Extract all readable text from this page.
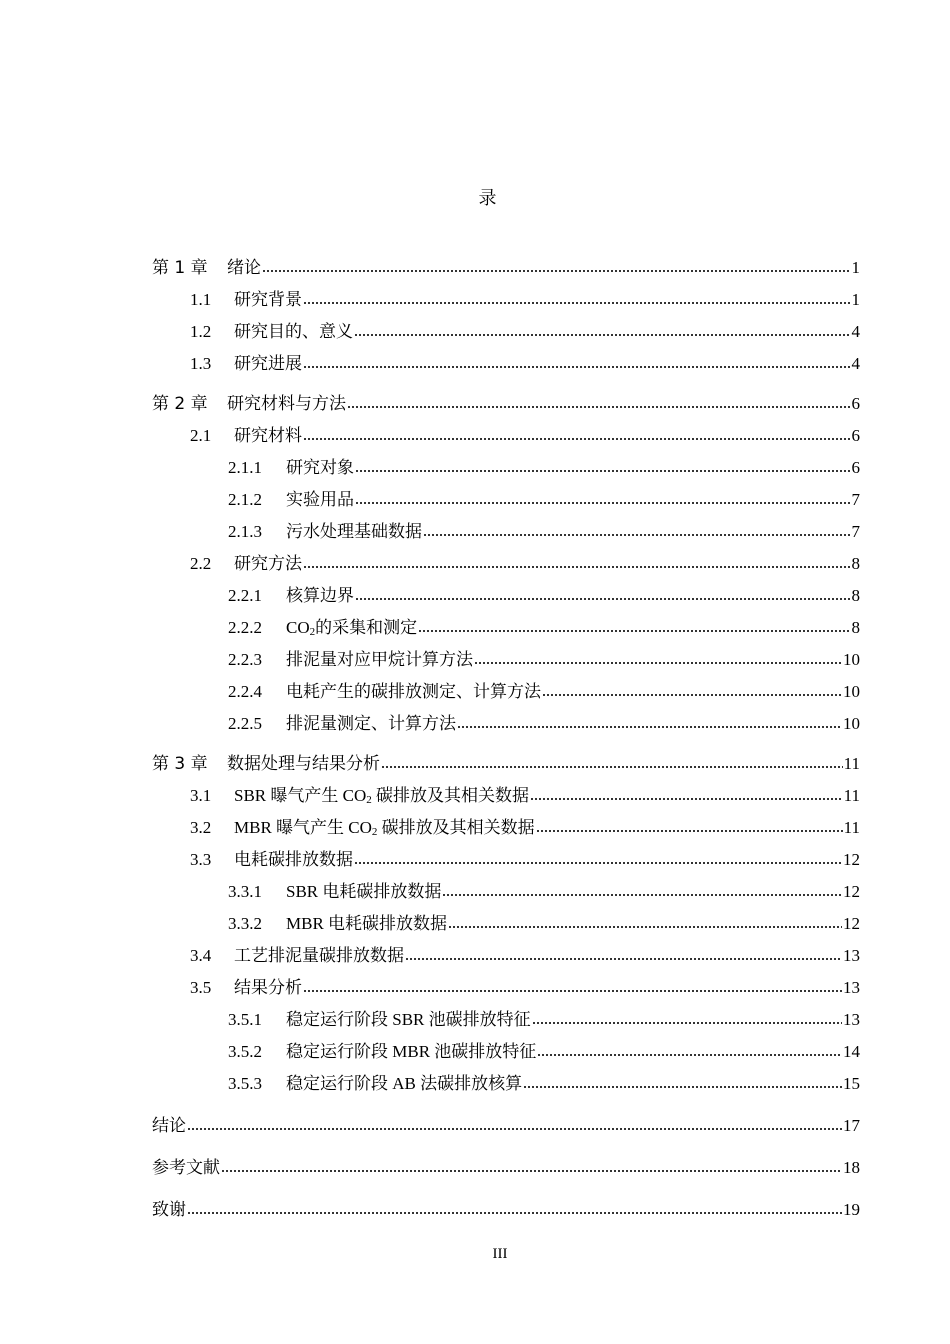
录
第 1 章	绪论	1
1.1	研究背景	1
1.2	研究目的、意义	4
1.3	研究进展	4
第 2 章	研究材料与方法	6
2.1	研究材料	6
2.1.1	研究对象	6
2.1.2	实验用品	7
2.1.3	污水处理基础数据	7
2.2	研究方法	8
2.2.1	核算边界	8
2.2.2	$CO_2$的采集和测定	8
2.2.3	排泥量对应甲烷计算方法	10
2.2.4	电耗产生的碳排放测定、计算方法	10
2.2.5	排泥量测定、计算方法	10
第 3 章	数据处理与结果分析	11
3.1	SBR 曝气产生 $CO_2$ 碳排放及其相关数据	11
3.2	MBR 曝气产生 $CO_2$ 碳排放及其相关数据	11
3.3	电耗碳排放数据	12
3.3.1	SBR 电耗碳排放数据	12
3.3.2	MBR 电耗碳排放数据	12
3.4	工艺排泥量碳排放数据	13
3.5	结果分析	13
3.5.1	稳定运行阶段 SBR 池碳排放特征	13
3.5.2	稳定运行阶段 MBR 池碳排放特征	14
3.5.3	稳定运行阶段 AB 法碳排放核算	15
结论	17
参考文献	18
致谢	19
III
